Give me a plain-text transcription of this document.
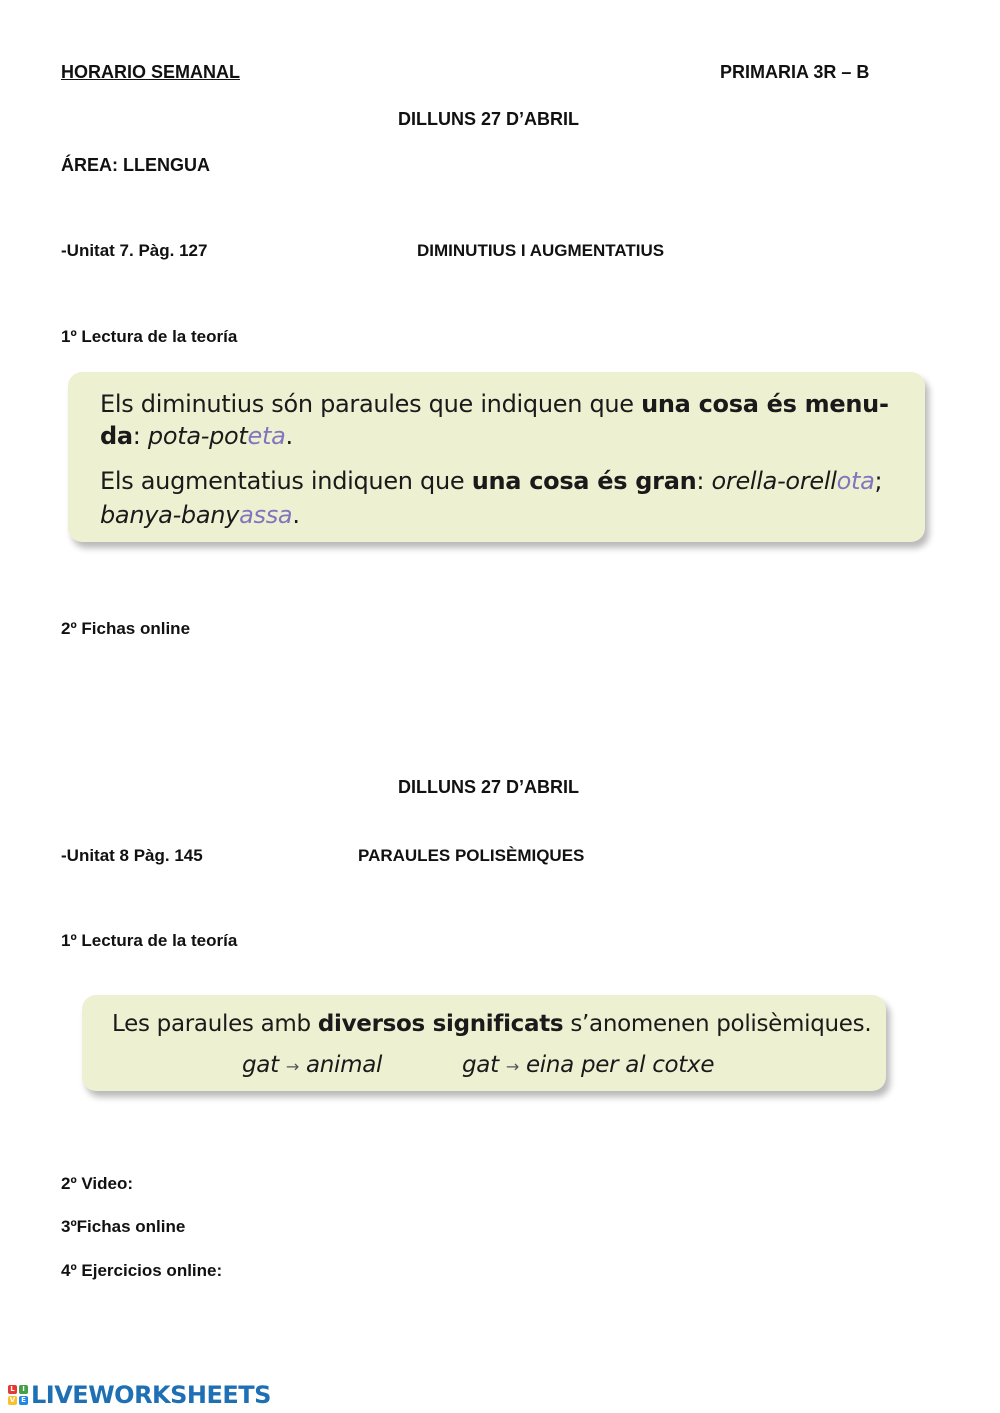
HORARIO SEMANAL	PRIMARIA 3R – B
DILLUNS 27 D’ABRIL
ÁREA: LLENGUA
-Unitat 7. Pàg. 127	DIMINUTIUS I AUGMENTATIUS
1º Lectura de la teoría
Els diminutius són paraules que indiquen que una cosa és menu-
da: pota-poteta.
Els augmentatius indiquen que una cosa és gran: orella-orellota;
banya-banyassa.
2º Fichas online
DILLUNS 27 D’ABRIL
-Unitat 8 Pàg. 145	PARAULES POLISÈMIQUES
1º Lectura de la teoría
Les paraules amb diversos significats s’anomenen polisèmiques.
gat → animal	gat → eina per al cotxe
2º Video:
3ºFichas online
4º Ejercicios online:
L	I
V E LIVEWORKSHEETS
